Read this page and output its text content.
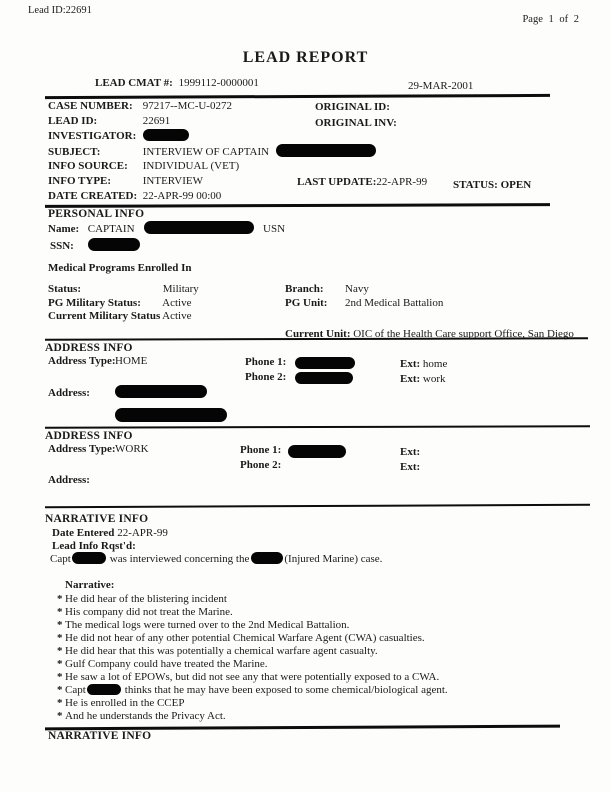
Lead ID:22691
Page 1 of 2
LEAD REPORT
LEAD CMAT #: 1999112-0000001	29-MAR-2001
CASE NUMBER: 97217--MC-U-0272	ORIGINAL ID:
LEAD ID:	22691	ORIGINAL INV:
INVESTIGATOR:
SUBJECT:	INTERVIEW OF CAPTAIN
INFO SOURCE: INDIVIDUAL (VET)
INFO TYPE:	INTERVIEW	LAST UPDATE:22-APR-99 STATUS: OPEN
DATE CREATED: 22-APR-99 00:00
PERSONAL INFO
Name: CAPTAIN	USN
SSN:
Medical Programs Enrolled In
Status:	Military	Branch: Navy
PG Military Status: Active	PG Unit: 2nd Medical Battalion
Current Military Status Active
Current Unit: OIC of the Health Care support Office, San Diego
ADDRESS INFO
Address Type: HOME	Phone 1:	Ext: home
Phone 2:	Ext: work
Address:
ADDRESS INFO
Address Type: WORK	Phone 1:	Ext:
Phone 2:	Ext:
Address:
NARRATIVE INFO
Date Entered 22-APR-99
Lead Info Rqst'd:
Capt	was interviewed concerning the	(Injured Marine) case.
Narrative:
* He did hear of the blistering incident
* His company did not treat the Marine.
* The medical logs were turned over to the 2nd Medical Battalion.
* He did not hear of any other potential Chemical Warfare Agent (CWA) casualties.
* He did hear that this was potentially a chemical warfare agent casualty.
* Gulf Company could have treated the Marine.
* He saw a lot of EPOWs, but did not see any that were potentially exposed to a CWA.
* Capt	thinks that he may have been exposed to some chemical/biological agent.
* He is enrolled in the CCEP
* And he understands the Privacy Act.
NARRATIVE INFO
